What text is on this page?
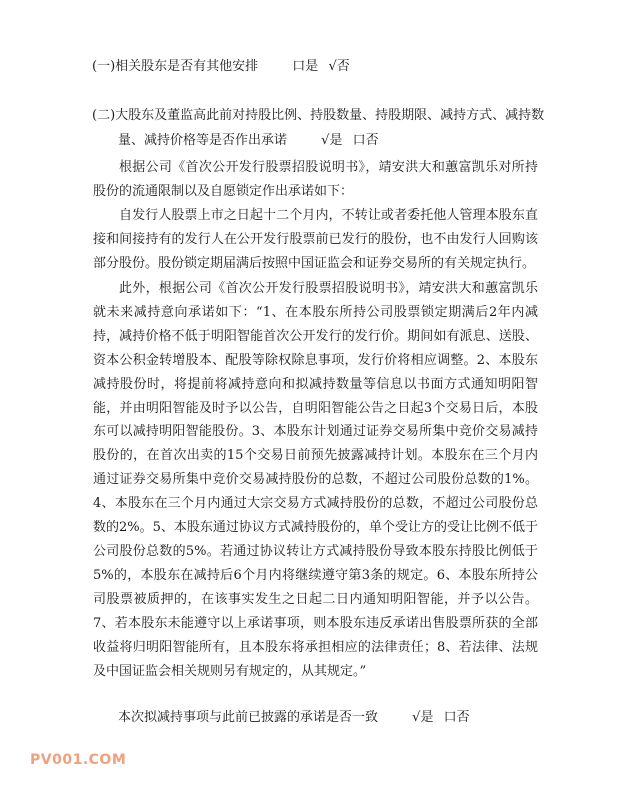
(一)相关股东是否有其他安排	口是 √否
(二)大股东及董监高此前对持股比例、持股数量、持股期限、减持方式、减持数
量、减持价格等是否作出承诺	√是 口否
根据公司《首次公开发行股票招股说明书》，靖安洪大和蕙富凯乐对所持股份的流通限制以及自愿锁定作出承诺如下：
自发行人股票上市之日起十二个月内，不转让或者委托他人管理本股东直接和间接持有的发行人在公开发行股票前已发行的股份，也不由发行人回购该部分股份。股份锁定期届满后按照中国证监会和证券交易所的有关规定执行。
此外，根据公司《首次公开发行股票招股说明书》，靖安洪大和蕙富凯乐就未来减持意向承诺如下：“1、在本股东所持公司股票锁定期满后2年内减持，减持价格不低于明阳智能首次公开发行的发行价。期间如有派息、送股、资本公积金转增股本、配股等除权除息事项，发行价将相应调整。2、本股东减持股份时，将提前将减持意向和拟减持数量等信息以书面方式通知明阳智能，并由明阳智能及时予以公告，自明阳智能公告之日起3个交易日后，本股东可以减持明阳智能股份。3、本股东计划通过证券交易所集中竞价交易减持股份的，在首次出卖的15个交易日前预先披露减持计划。本股东在三个月内通过证券交易所集中竞价交易减持股份的总数，不超过公司股份总数的1%。4、本股东在三个月内通过大宗交易方式减持股份的总数，不超过公司股份总数的2%。5、本股东通过协议方式减持股份的，单个受让方的受让比例不低于公司股份总数的5%。若通过协议转让方式减持股份导致本股东持股比例低于5%的，本股东在减持后6个月内将继续遵守第3条的规定。6、本股东所持公司股票被质押的，在该事实发生之日起二日内通知明阳智能，并予以公告。7、若本股东未能遵守以上承诺事项，则本股东违反承诺出售股票所获的全部收益将归明阳智能所有，且本股东将承担相应的法律责任；8、若法律、法规及中国证监会相关规则另有规定的，从其规定。”
本次拟减持事项与此前已披露的承诺是否一致	√是 口否
PV001.COM
